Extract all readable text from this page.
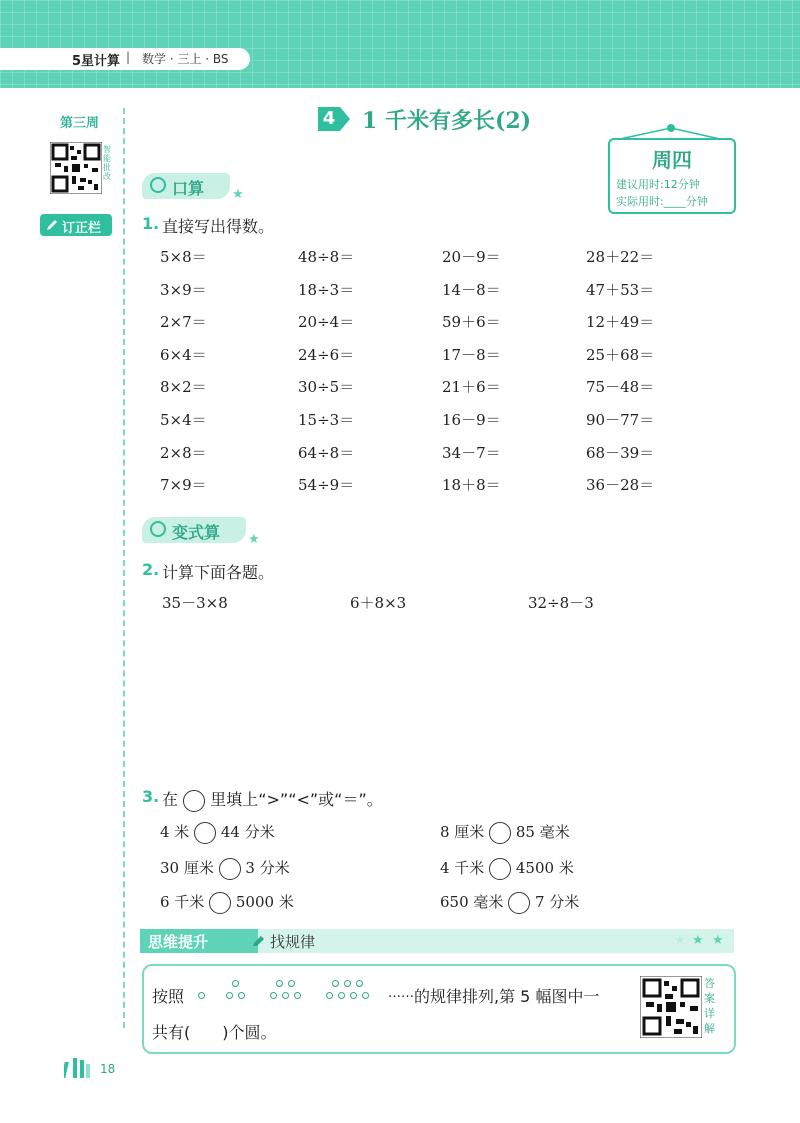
5星计算 | 数学 · 三上 · BS
第三周
智能批改
订正栏
4 1 千米有多长(2)
周四
建议用时:12分钟
实际用时:____分钟
口算 ★
1. 直接写出得数。
5×8＝	48÷8＝	20－9＝	28＋22＝
3×9＝	18÷3＝	14－8＝	47＋53＝
2×7＝	20÷4＝	59＋6＝	12＋49＝
6×4＝	24÷6＝	17－8＝	25＋68＝
8×2＝	30÷5＝	21＋6＝	75－48＝
5×4＝	15÷3＝	16－9＝	90－77＝
2×8＝	64÷8＝	34－7＝	68－39＝
7×9＝	54÷9＝	18＋8＝	36－28＝
变式算 ★
2. 计算下面各题。
35－3×8	6＋8×3	32÷8－3
3. 在 里填上“>”“<”或“＝”。
4 米 44 分米	8 厘米 85 毫米
30 厘米 3 分米	4 千米 4500 米
6 千米 5000 米	650 毫米 7 分米
思维提升	找规律	★ ★ ★
按照	…… 的规律排列,第 5 幅图中一
共有(　　)个圆。
答案详解
18
